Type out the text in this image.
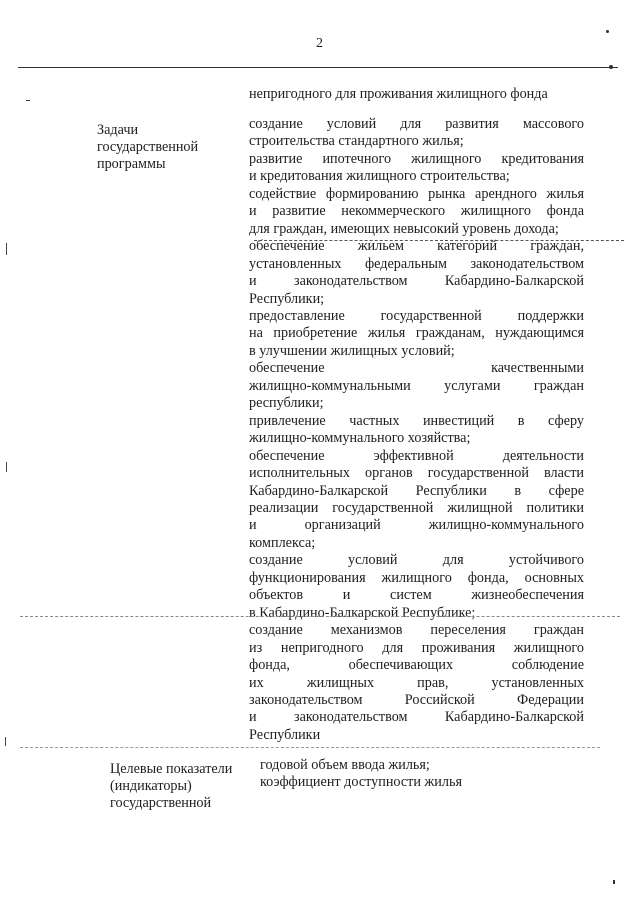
2
непригодного для проживания жилищного фонда
Задачи
государственной
программы
создание условий для развития массового
строительства стандартного жилья;
развитие ипотечного жилищного кредитования
и кредитования жилищного строительства;
содействие формированию рынка арендного жилья
и развитие некоммерческого жилищного фонда
для граждан, имеющих невысокий уровень дохода;
обеспечение жильем категорий граждан,
установленных федеральным законодательством
и законодательством Кабардино-Балкарской
Республики;
предоставление государственной поддержки
на приобретение жилья гражданам, нуждающимся
в улучшении жилищных условий;
обеспечение качественными
жилищно-коммунальными услугами граждан
республики;
привлечение частных инвестиций в сферу
жилищно-коммунального хозяйства;
обеспечение эффективной деятельности
исполнительных органов государственной власти
Кабардино-Балкарской Республики в сфере
реализации государственной жилищной политики
и организаций жилищно-коммунального
комплекса;
создание условий для устойчивого
функционирования жилищного фонда, основных
объектов и систем жизнеобеспечения
в Кабардино-Балкарской Республике;
создание механизмов переселения граждан
из непригодного для проживания жилищного
фонда, обеспечивающих соблюдение
их жилищных прав, установленных
законодательством Российской Федерации
и законодательством Кабардино-Балкарской
Республики
Целевые показатели
(индикаторы)
государственной
годовой объем ввода жилья;
коэффициент доступности жилья
